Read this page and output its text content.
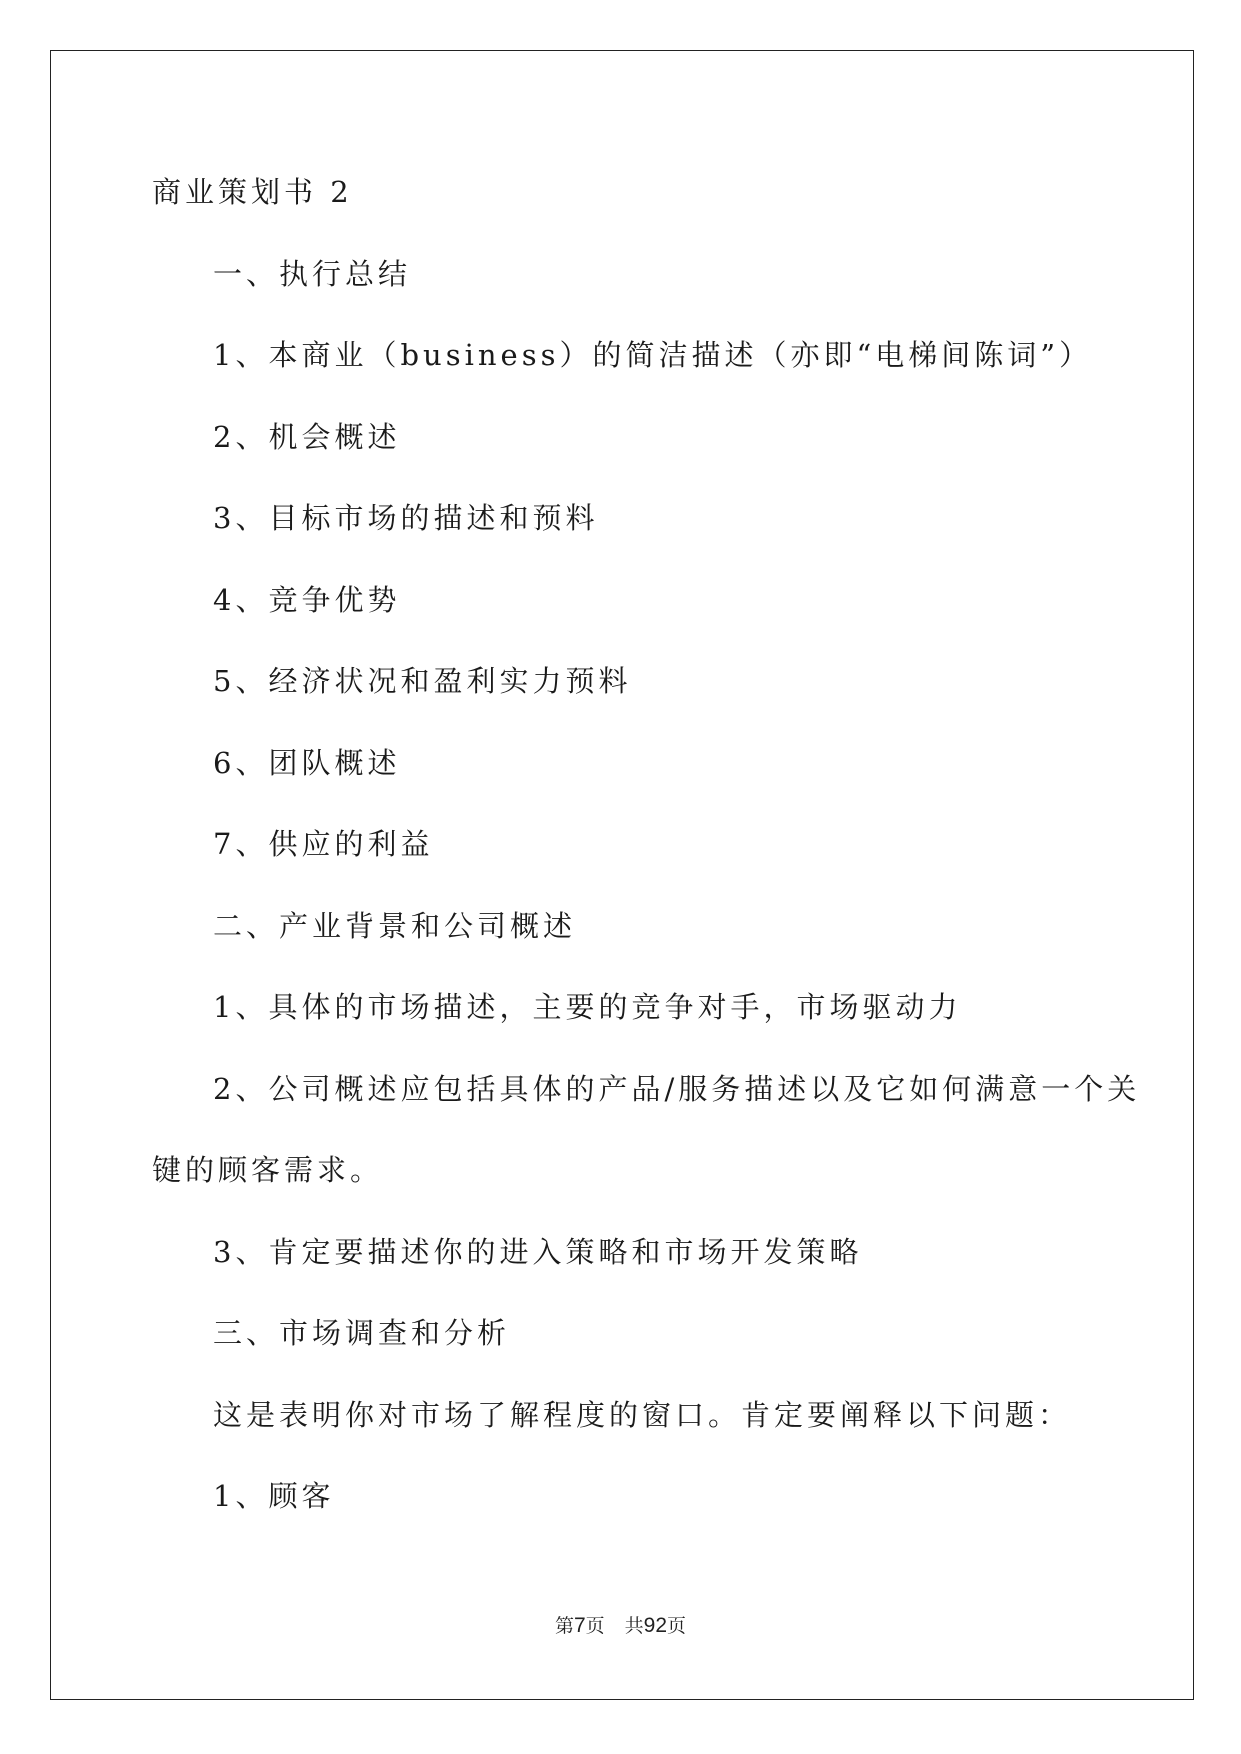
商业策划书 2
一、执行总结
1、本商业（business）的简洁描述（亦即“电梯间陈词”）
2、机会概述
3、目标市场的描述和预料
4、竞争优势
5、经济状况和盈利实力预料
6、团队概述
7、供应的利益
二、产业背景和公司概述
1、具体的市场描述，主要的竞争对手，市场驱动力
2、公司概述应包括具体的产品/服务描述以及它如何满意一个关
键的顾客需求。
3、肯定要描述你的进入策略和市场开发策略
三、市场调查和分析
这是表明你对市场了解程度的窗口。肯定要阐释以下问题：
1、顾客
第7页 共92页
